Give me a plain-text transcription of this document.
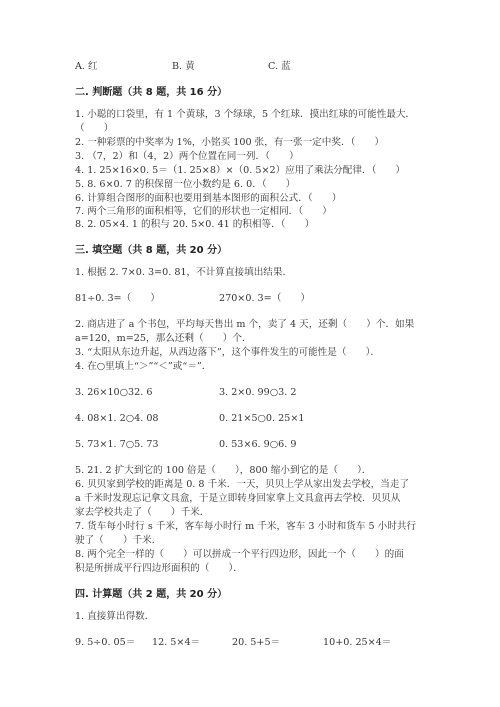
A. 红	B. 黄	C. 蓝
二. 判断题（共 8 题，共 16 分）
1. 小聪的口袋里，有 1 个黄球，3 个绿球，5 个红球．摸出红球的可能性最大．
（　　）
2. 一种彩票的中奖率为 1%，小铭买 100 张，有一张一定中奖．（　　）
3. （7，2）和（4，2）两个位置在同一列．（　　）
4. 1. 25×16×0. 5＝（1. 25×8）×（0. 5×2）应用了乘法分配律．（　　）
5. 8. 6×0. 7 的积保留一位小数约是 6. 0．（　　）
6. 计算组合图形的面积也要用到基本图形的面积公式．（　　）
7. 两个三角形的面积相等，它们的形状也一定相同．（　　）
8. 2. 05×4. 1 的积与 20. 5×0. 41 的积相等．（　　）
三. 填空题（共 8 题，共 20 分）
1. 根据 2. 7×0. 3=0. 81，不计算直接填出结果．
81÷0. 3=（　　）	270×0. 3=（　　）
2. 商店进了 a 个书包，平均每天售出 m 个，卖了 4 天，还剩（　　）个．如果
a=120，m=25，那么还剩（　　）个．
3. “太阳从东边升起，从西边落下”，这个事件发生的可能性是（　　）．
4. 在○里填上“＞”“＜”或“＝”．
3. 26×10○32. 6	3. 2×0. 99○3. 2
4. 08×1. 2○4. 08	0. 21×5○0. 25×1
5. 73×1. 7○5. 73	0. 53×6. 9○6. 9
5. 21. 2 扩大到它的 100 倍是（　　），800 缩小到它的是（　　）．
6. 贝贝家到学校的距离是 0. 8 千米．一天，贝贝上学从家出发去学校，当走了
a 千米时发现忘记拿文具盒，于是立即转身回家拿上文具盒再去学校．贝贝从
家去学校共走了（　　）千米．
7. 货车每小时行 s 千米，客车每小时行 m 千米，客车 3 小时和货车 5 小时共行
驶了（　　）千米．
8. 两个完全一样的（　　）可以拼成一个平行四边形，因此一个（　　）的面
积是所拼成平行四边形面积的（　　）．
四. 计算题（共 2 题，共 20 分）
1. 直接算出得数．
9. 5÷0. 05＝ 12. 5×4＝	20. 5+5＝	10+0. 25×4＝
